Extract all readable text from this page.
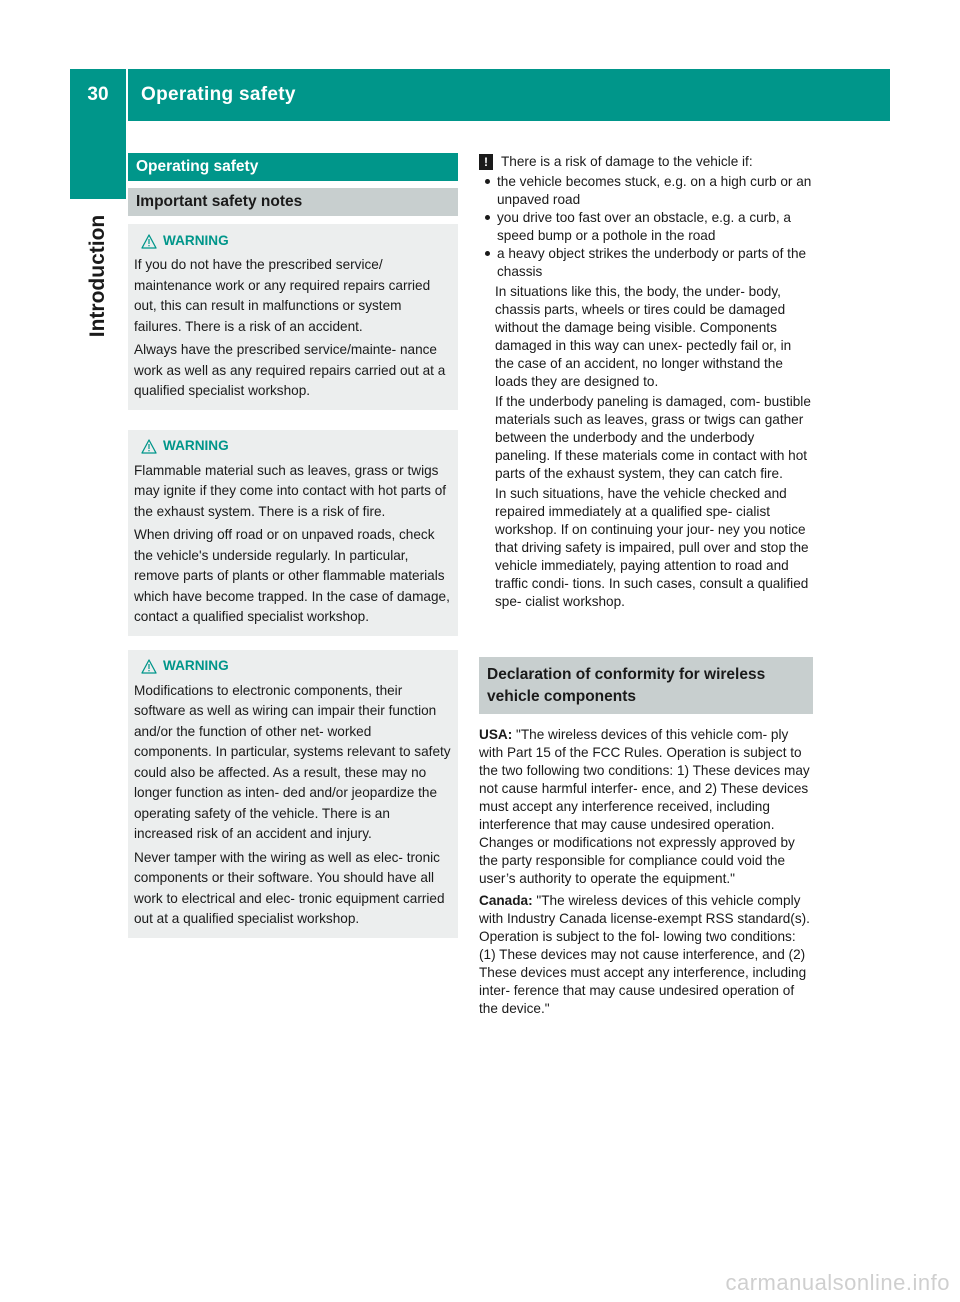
30	Operating safety
Introduction
Operating safety
Important safety notes
WARNING

If you do not have the prescribed service/ maintenance work or any required repairs carried out, this can result in malfunctions or system failures. There is a risk of an accident.

Always have the prescribed service/mainte- nance work as well as any required repairs carried out at a qualified specialist workshop.

WARNING

Flammable material such as leaves, grass or twigs may ignite if they come into contact with hot parts of the exhaust system. There is a risk of fire.

When driving off road or on unpaved roads, check the vehicle's underside regularly. In particular, remove parts of plants or other flammable materials which have become trapped. In the case of damage, contact a qualified specialist workshop.

WARNING

Modifications to electronic components, their software as well as wiring can impair their function and/or the function of other net- worked components. In particular, systems relevant to safety could also be affected. As a result, these may no longer function as inten- ded and/or jeopardize the operating safety of the vehicle. There is an increased risk of an accident and injury.

Never tamper with the wiring as well as elec- tronic components or their software. You should have all work to electrical and elec- tronic equipment carried out at a qualified specialist workshop.

! There is a risk of damage to the vehicle if:
the vehicle becomes stuck, e.g. on a high curb or an unpaved road
you drive too fast over an obstacle, e.g. a curb, a speed bump or a pothole in the road
a heavy object strikes the underbody or parts of the chassis

In situations like this, the body, the under- body, chassis parts, wheels or tires could be damaged without the damage being visible. Components damaged in this way can unex- pectedly fail or, in the case of an accident, no longer withstand the loads they are designed to.

If the underbody paneling is damaged, com- bustible materials such as leaves, grass or twigs can gather between the underbody and the underbody paneling. If these materials come in contact with hot parts of the exhaust system, they can catch fire.

In such situations, have the vehicle checked and repaired immediately at a qualified spe- cialist workshop. If on continuing your jour- ney you notice that driving safety is impaired, pull over and stop the vehicle immediately, paying attention to road and traffic condi- tions. In such cases, consult a qualified spe- cialist workshop.

Declaration of conformity for wireless vehicle components

USA: "The wireless devices of this vehicle com- ply with Part 15 of the FCC Rules. Operation is subject to the two following two conditions: 1) These devices may not cause harmful interfer- ence, and 2) These devices must accept any interference received, including interference that may cause undesired operation. Changes or modifications not expressly approved by the party responsible for compliance could void the user’s authority to operate the equipment."

Canada: "The wireless devices of this vehicle comply with Industry Canada license-exempt RSS standard(s). Operation is subject to the fol- lowing two conditions: (1) These devices may not cause interference, and (2) These devices must accept any interference, including inter- ference that may cause undesired operation of the device."

carmanualsonline.info
